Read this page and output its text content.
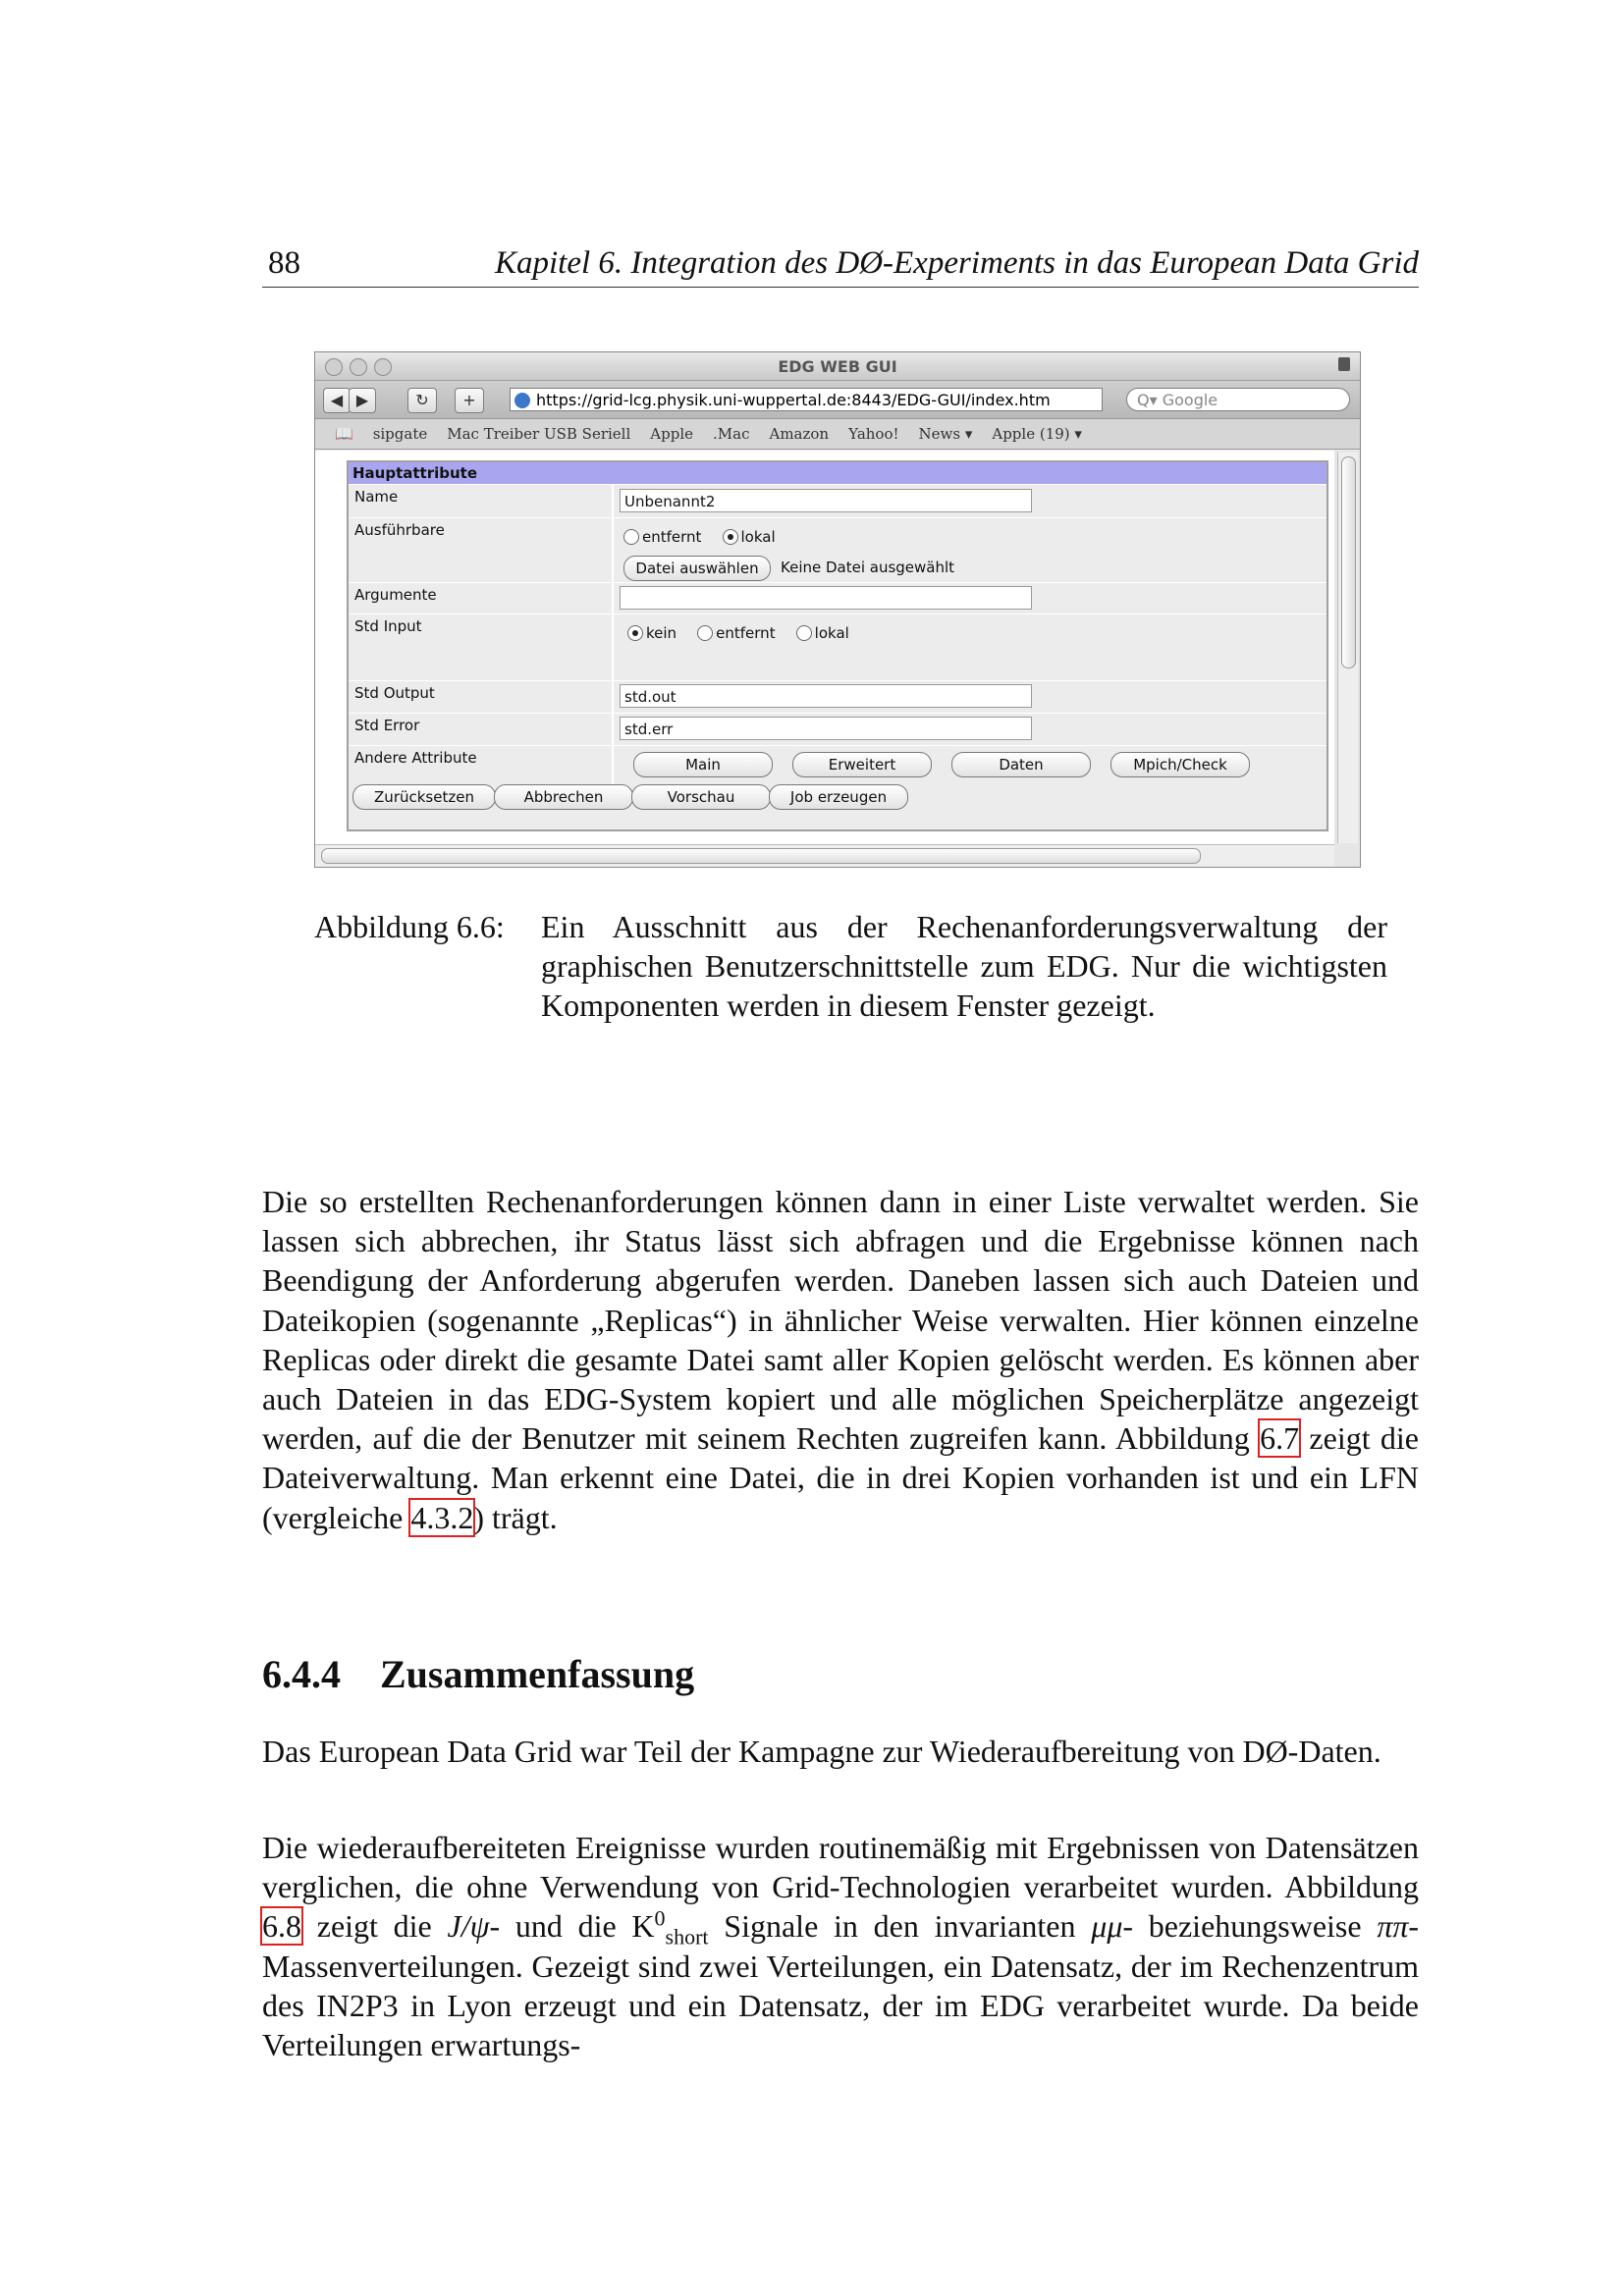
88	Kapitel 6. Integration des DØ-Experiments in das European Data Grid
EDG WEB GUI
◀ ▶	↻	+	https://grid-lcg.physik.uni-wuppertal.de:8443/EDG-GUI/index.htm	Q▾ Google
📖 sipgate Mac Treiber USB Seriell Apple .Mac Amazon Yahoo! News ▾ Apple (19) ▾
Hauptattribute
Name	Unbenannt2
Ausführbare	entfernt
	lokal
Datei auswählen	Keine Datei ausgewählt
Argumente
Std Input	kein
	entfernt
	lokal
Std Output	std.out
Std Error	std.err
Andere Attribute	Main	Erweitert	Daten	Mpich/Check
Zurücksetzen	Abbrechen	Vorschau	Job erzeugen
Abbildung 6.6: Ein Ausschnitt aus der Rechenanforderungsverwaltung der graphischen Benutzerschnittstelle zum EDG. Nur die wichtigsten Komponenten werden in diesem Fenster gezeigt.

Die so erstellten Rechenanforderungen können dann in einer Liste verwaltet werden. Sie lassen sich abbrechen, ihr Status lässt sich abfragen und die Ergebnisse können nach Beendigung der Anforderung abgerufen werden. Daneben lassen sich auch Dateien und Dateikopien (sogenannte „Replicas“) in ähnlicher Weise verwalten. Hier können einzelne Replicas oder direkt die gesamte Datei samt aller Kopien gelöscht werden. Es können aber auch Dateien in das EDG-System kopiert und alle möglichen Speicherplätze angezeigt werden, auf die der Benutzer mit seinem Rechten zugreifen kann. Abbildung 6.7 zeigt die Dateiverwaltung. Man erkennt eine Datei, die in drei Kopien vorhanden ist und ein LFN (vergleiche 4.3.2) trägt.

6.4.4 Zusammenfassung

Das European Data Grid war Teil der Kampagne zur Wiederaufbereitung von DØ-Daten.

Die wiederaufbereiteten Ereignisse wurden routinemäßig mit Ergebnissen von Datensätzen verglichen, die ohne Verwendung von Grid-Technologien verarbeitet wurden. Abbildung 6.8 zeigt die J/ψ- und die $K^0_{short}$ Signale in den invarianten μμ- beziehungsweise ππ-Massenverteilungen. Gezeigt sind zwei Verteilungen, ein Datensatz, der im Rechenzentrum des IN2P3 in Lyon erzeugt und ein Datensatz, der im EDG verarbeitet wurde. Da beide Verteilungen erwartungs-
